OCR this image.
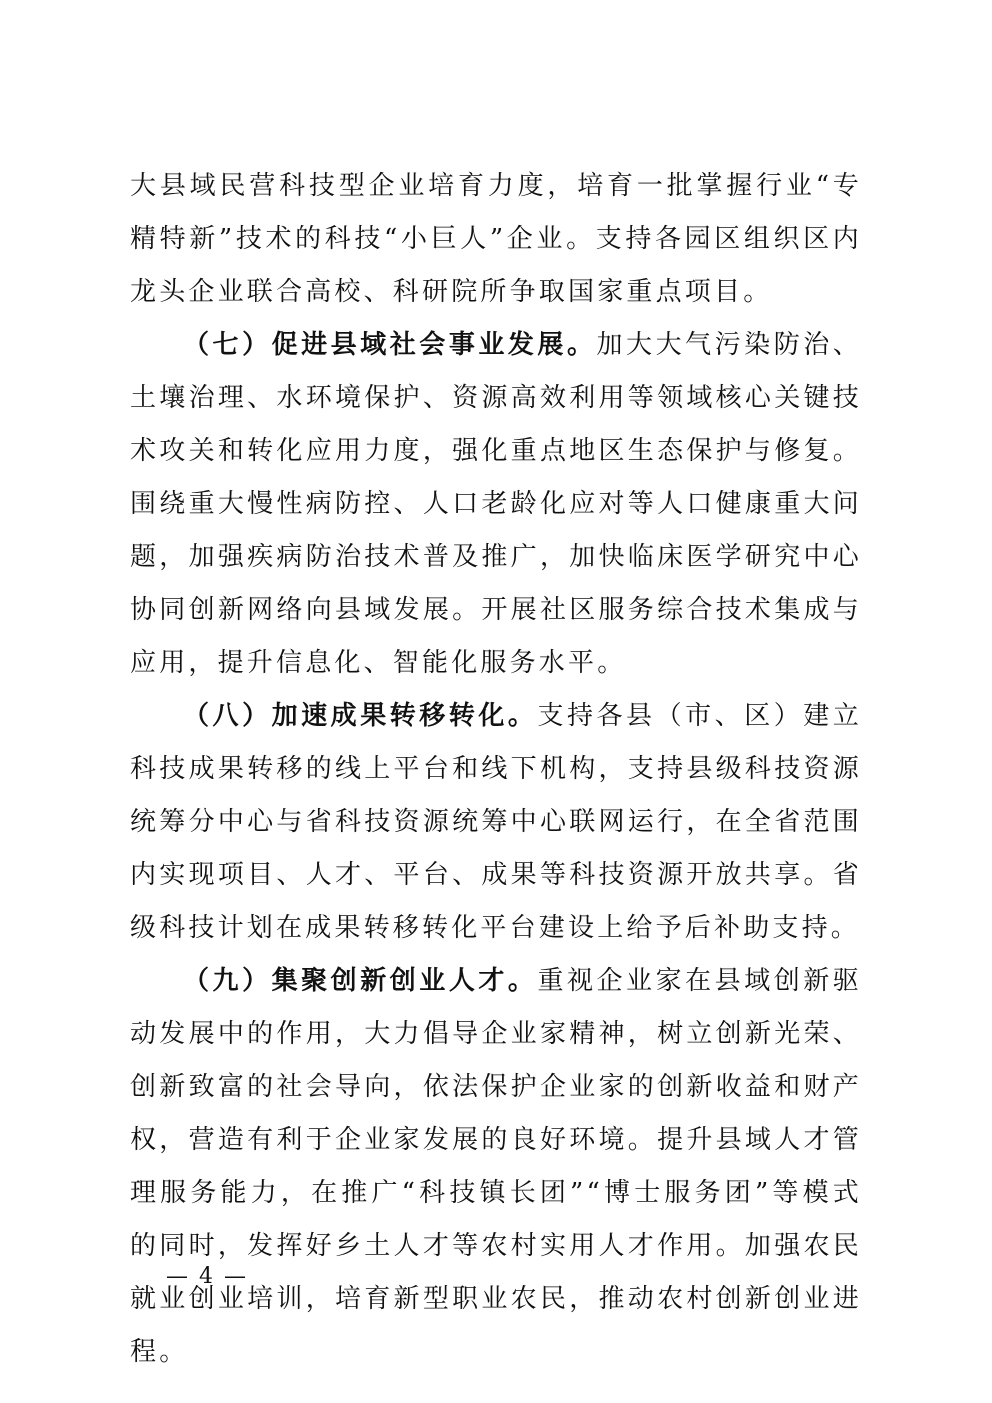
大县域民营科技型企业培育力度，培育一批掌握行业“专精特新”技术的科技“小巨人”企业。支持各园区组织区内龙头企业联合高校、科研院所争取国家重点项目。

（七）促进县域社会事业发展。加大大气污染防治、土壤治理、水环境保护、资源高效利用等领域核心关键技术攻关和转化应用力度，强化重点地区生态保护与修复。围绕重大慢性病防控、人口老龄化应对等人口健康重大问题，加强疾病防治技术普及推广，加快临床医学研究中心协同创新网络向县域发展。开展社区服务综合技术集成与应用，提升信息化、智能化服务水平。

（八）加速成果转移转化。支持各县（市、区）建立科技成果转移的线上平台和线下机构，支持县级科技资源统筹分中心与省科技资源统筹中心联网运行，在全省范围内实现项目、人才、平台、成果等科技资源开放共享。省级科技计划在成果转移转化平台建设上给予后补助支持。

（九）集聚创新创业人才。重视企业家在县域创新驱动发展中的作用，大力倡导企业家精神，树立创新光荣、创新致富的社会导向，依法保护企业家的创新收益和财产权，营造有利于企业家发展的良好环境。提升县域人才管理服务能力，在推广“科技镇长团”“博士服务团”等模式的同时，发挥好乡土人才等农村实用人才作用。加强农民就业创业培训，培育新型职业农民，推动农村创新创业进程。

— 4 —
